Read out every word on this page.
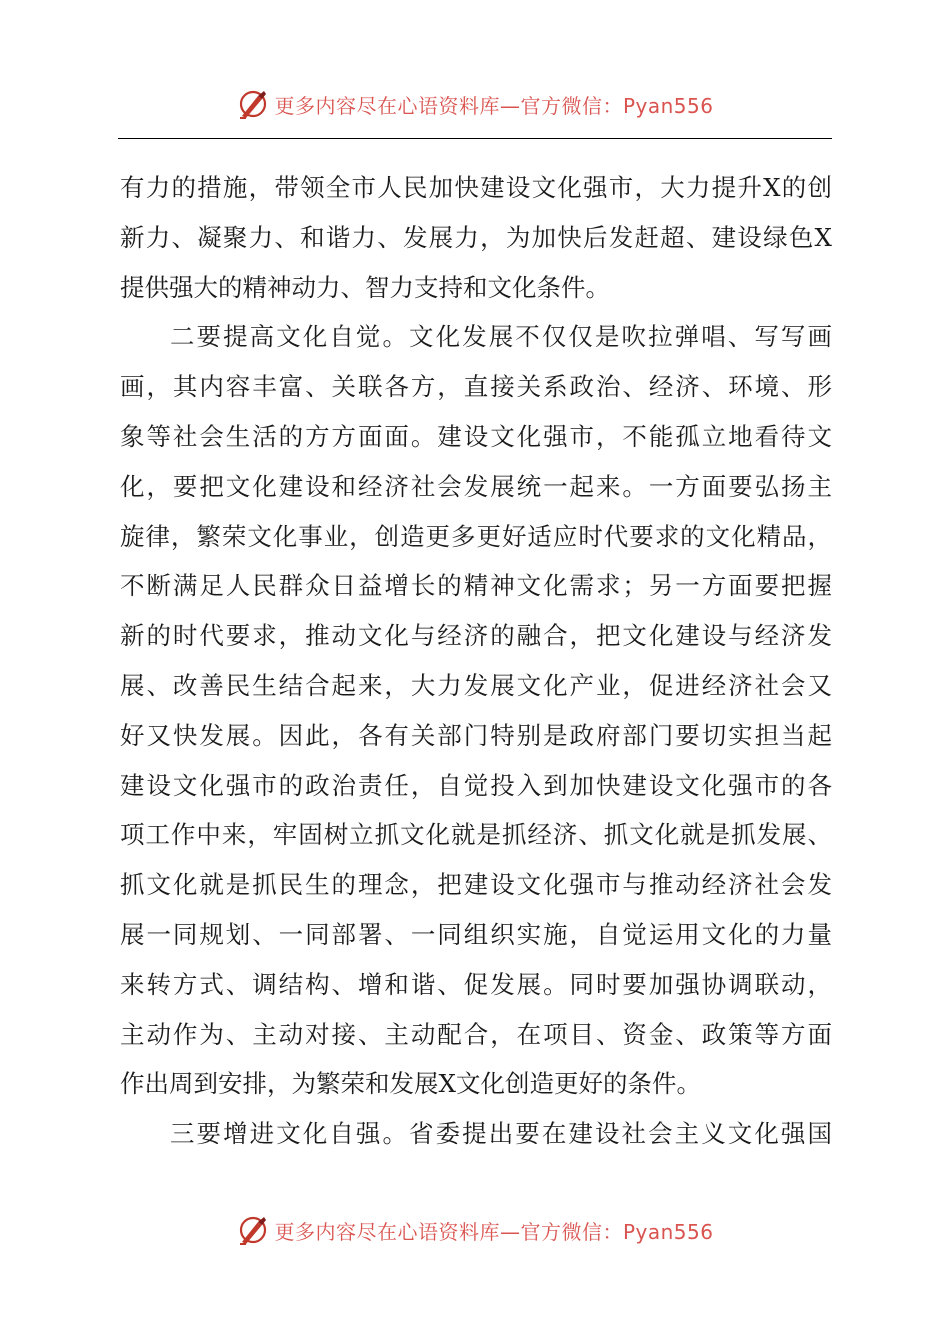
更多内容尽在心语资料库—官方微信：Pyan556
有力的措施，带领全市人民加快建设文化强市，大力提升X的创
新力、凝聚力、和谐力、发展力，为加快后发赶超、建设绿色X
提供强大的精神动力、智力支持和文化条件。
二要提高文化自觉。文化发展不仅仅是吹拉弹唱、写写画
画，其内容丰富、关联各方，直接关系政治、经济、环境、形
象等社会生活的方方面面。建设文化强市，不能孤立地看待文
化，要把文化建设和经济社会发展统一起来。一方面要弘扬主
旋律，繁荣文化事业，创造更多更好适应时代要求的文化精品，
不断满足人民群众日益增长的精神文化需求；另一方面要把握
新的时代要求，推动文化与经济的融合，把文化建设与经济发
展、改善民生结合起来，大力发展文化产业，促进经济社会又
好又快发展。因此，各有关部门特别是政府部门要切实担当起
建设文化强市的政治责任，自觉投入到加快建设文化强市的各
项工作中来，牢固树立抓文化就是抓经济、抓文化就是抓发展、
抓文化就是抓民生的理念，把建设文化强市与推动经济社会发
展一同规划、一同部署、一同组织实施，自觉运用文化的力量
来转方式、调结构、增和谐、促发展。同时要加强协调联动，
主动作为、主动对接、主动配合，在项目、资金、政策等方面
作出周到安排，为繁荣和发展X文化创造更好的条件。
三要增进文化自强。省委提出要在建设社会主义文化强国
更多内容尽在心语资料库—官方微信：Pyan556
